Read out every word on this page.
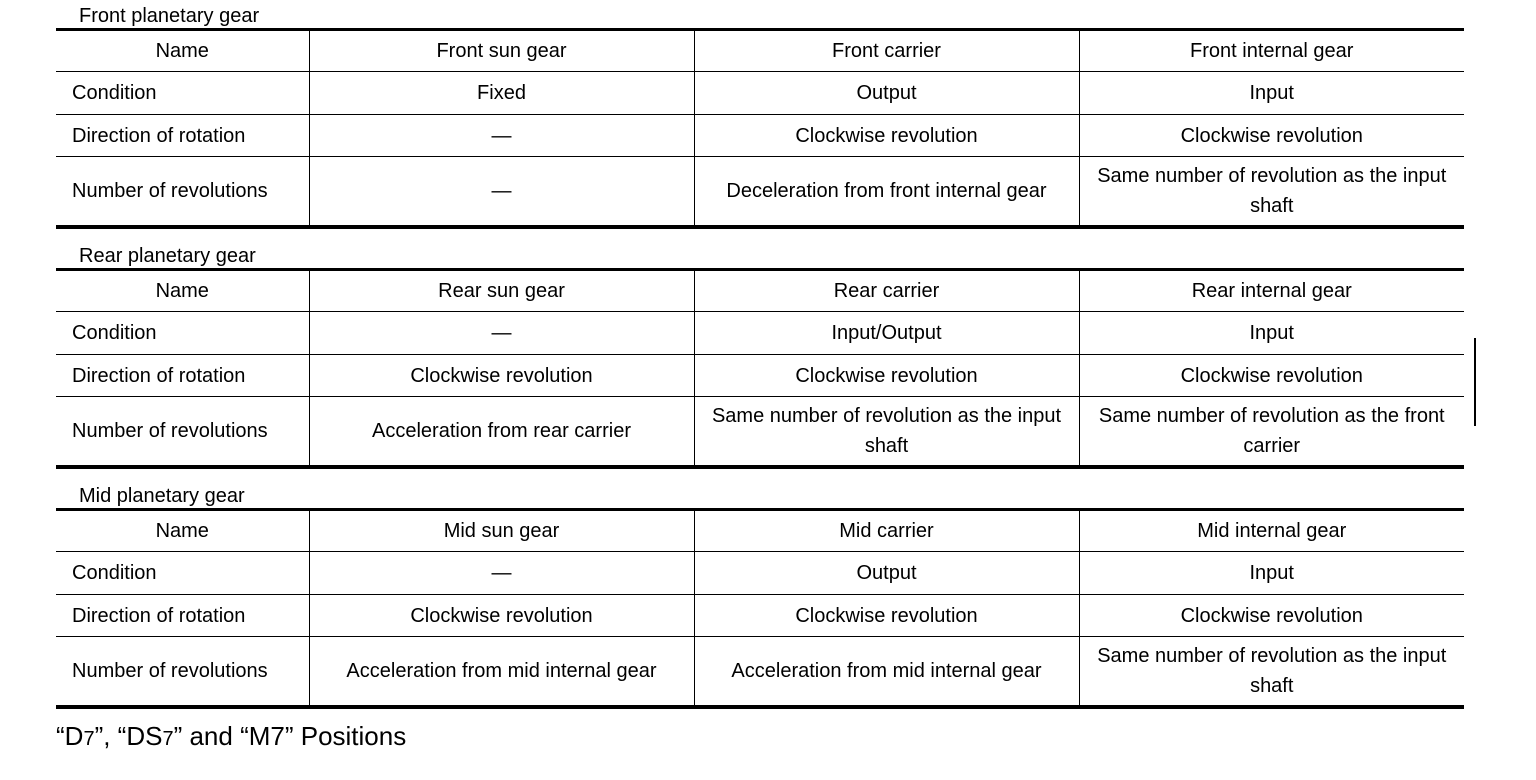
Front planetary gear
Name	Front sun gear	Front carrier	Front internal gear
Condition	Fixed	Output	Input
Direction of rotation	—	Clockwise revolution	Clockwise revolution
Number of revolutions	—	Deceleration from front internal gear	Same number of revolution as the input shaft
Rear planetary gear
Name	Rear sun gear	Rear carrier	Rear internal gear
Condition	—	Input/Output	Input
Direction of rotation	Clockwise revolution	Clockwise revolution	Clockwise revolution
Number of revolutions	Acceleration from rear carrier	Same number of revolution as the input shaft	Same number of revolution as the front carrier
Mid planetary gear
Name	Mid sun gear	Mid carrier	Mid internal gear
Condition	—	Output	Input
Direction of rotation	Clockwise revolution	Clockwise revolution	Clockwise revolution
Number of revolutions	Acceleration from mid internal gear	Acceleration from mid internal gear	Same number of revolution as the input shaft
“D7”, “DS7” and “M7” Positions
